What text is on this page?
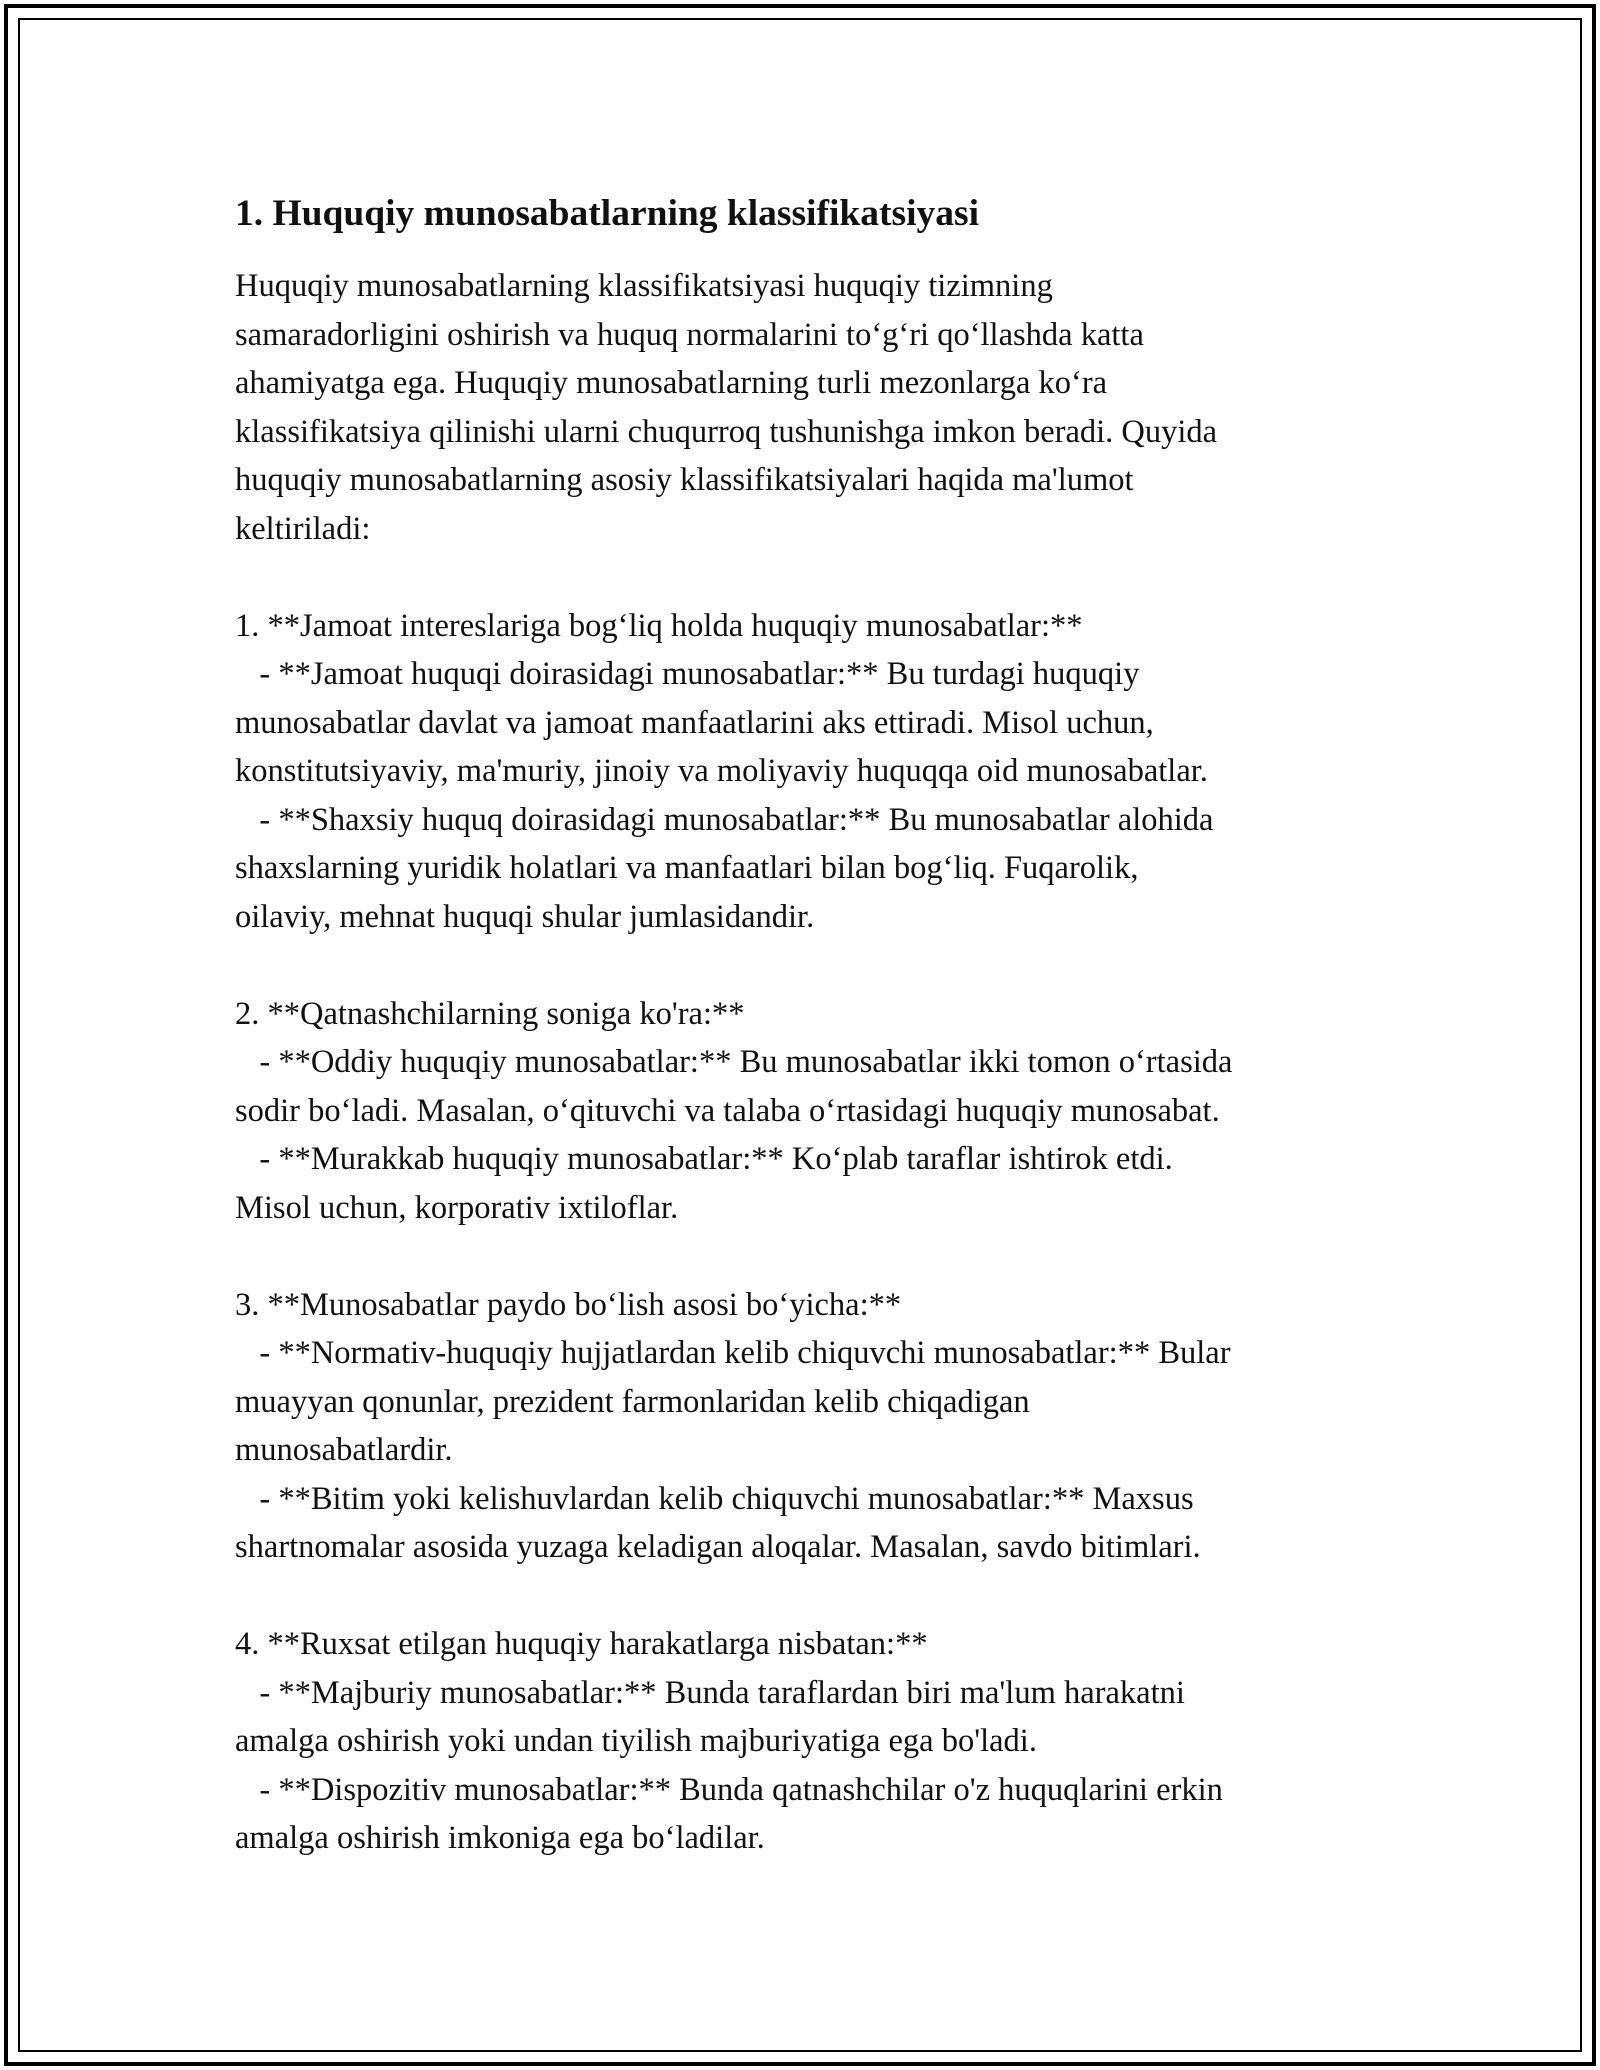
1. Huquqiy munosabatlarning klassifikatsiyasi

Huquqiy munosabatlarning klassifikatsiyasi huquqiy tizimning

samaradorligini oshirish va huquq normalarini to‘g‘ri qo‘llashda katta

ahamiyatga ega. Huquqiy munosabatlarning turli mezonlarga ko‘ra

klassifikatsiya qilinishi ularni chuqurroq tushunishga imkon beradi. Quyida

huquqiy munosabatlarning asosiy klassifikatsiyalari haqida ma'lumot

keltiriladi:

1. **Jamoat intereslariga bog‘liq holda huquqiy munosabatlar:**

- **Jamoat huquqi doirasidagi munosabatlar:** Bu turdagi huquqiy

munosabatlar davlat va jamoat manfaatlarini aks ettiradi. Misol uchun,

konstitutsiyaviy, ma'muriy, jinoiy va moliyaviy huquqqa oid munosabatlar.

- **Shaxsiy huquq doirasidagi munosabatlar:** Bu munosabatlar alohida

shaxslarning yuridik holatlari va manfaatlari bilan bog‘liq. Fuqarolik,

oilaviy, mehnat huquqi shular jumlasidandir.

2. **Qatnashchilarning soniga ko'ra:**

- **Oddiy huquqiy munosabatlar:** Bu munosabatlar ikki tomon o‘rtasida

sodir bo‘ladi. Masalan, o‘qituvchi va talaba o‘rtasidagi huquqiy munosabat.

- **Murakkab huquqiy munosabatlar:** Ko‘plab taraflar ishtirok etdi.

Misol uchun, korporativ ixtiloflar.

3. **Munosabatlar paydo bo‘lish asosi bo‘yicha:**

- **Normativ-huquqiy hujjatlardan kelib chiquvchi munosabatlar:** Bular

muayyan qonunlar, prezident farmonlaridan kelib chiqadigan

munosabatlardir.

- **Bitim yoki kelishuvlardan kelib chiquvchi munosabatlar:** Maxsus

shartnomalar asosida yuzaga keladigan aloqalar. Masalan, savdo bitimlari.

4. **Ruxsat etilgan huquqiy harakatlarga nisbatan:**

- **Majburiy munosabatlar:** Bunda taraflardan biri ma'lum harakatni

amalga oshirish yoki undan tiyilish majburiyatiga ega bo'ladi.

- **Dispozitiv munosabatlar:** Bunda qatnashchilar o'z huquqlarini erkin

amalga oshirish imkoniga ega bo‘ladilar.
